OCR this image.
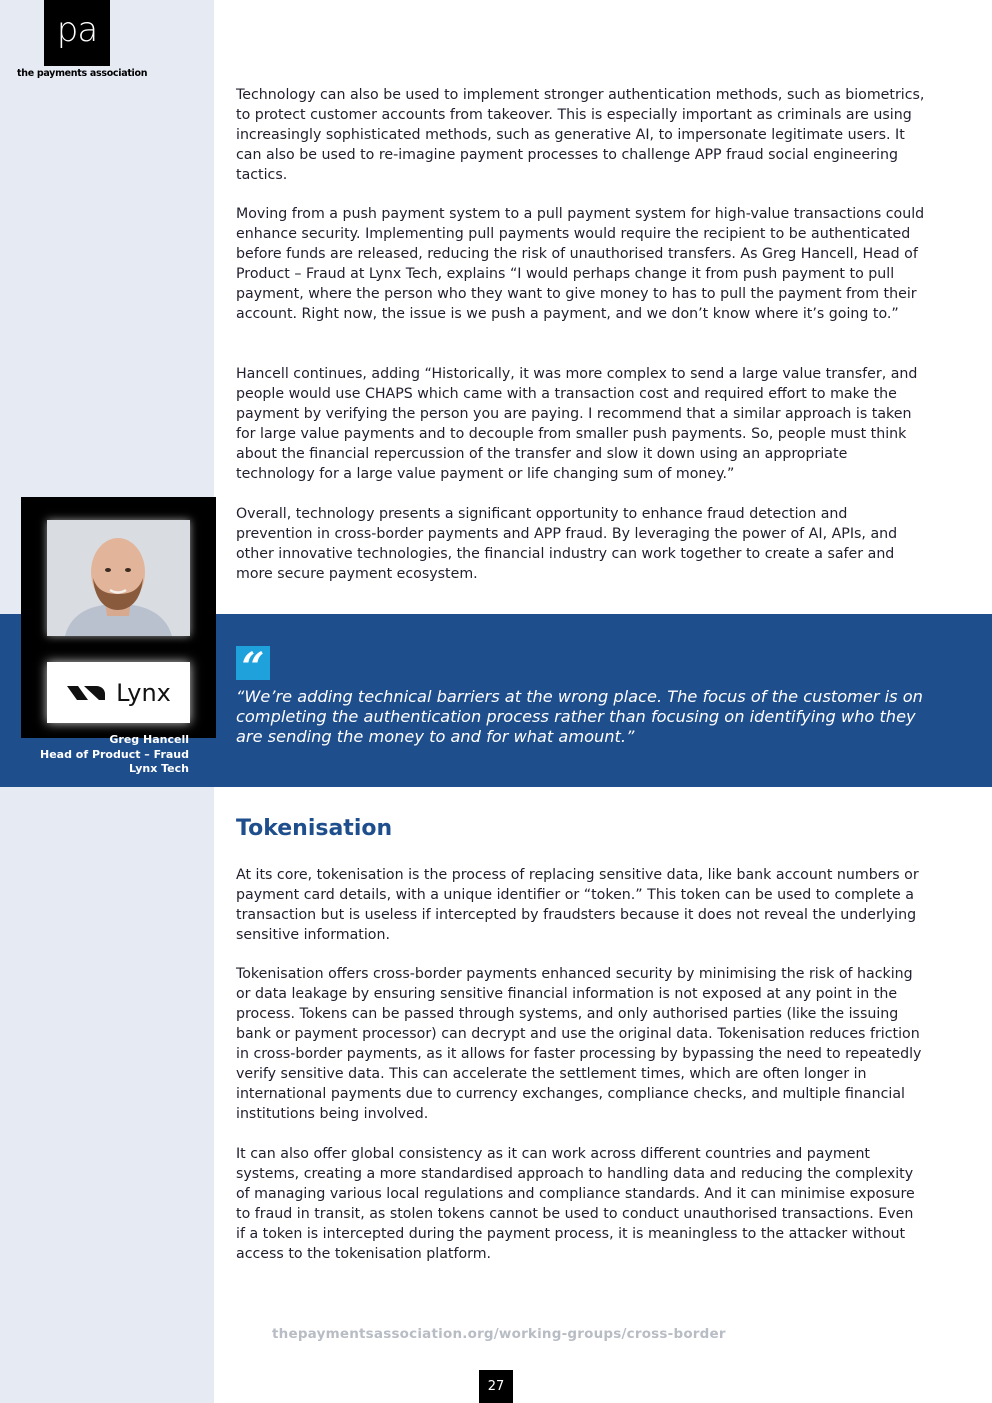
pa
the payments association

Technology can also be used to implement stronger authentication methods, such as biometrics, to protect customer accounts from takeover. This is especially important as criminals are using increasingly sophisticated methods, such as generative AI, to impersonate legitimate users. It can also be used to re-imagine payment processes to challenge APP fraud social engineering tactics.

Moving from a push payment system to a pull payment system for high-value transactions could enhance security. Implementing pull payments would require the recipient to be authenticated before funds are released, reducing the risk of unauthorised transfers. As Greg Hancell, Head of Product – Fraud at Lynx Tech, explains “I would perhaps change it from push payment to pull payment, where the person who they want to give money to has to pull the payment from their account. Right now, the issue is we push a payment, and we don’t know where it’s going to.”

Hancell continues, adding “Historically, it was more complex to send a large value transfer, and people would use CHAPS which came with a transaction cost and required effort to make the payment by verifying the person you are paying. I recommend that a similar approach is taken for large value payments and to decouple from smaller push payments. So, people must think about the financial repercussion of the transfer and slow it down using an appropriate technology for a large value payment or life changing sum of money.”

Overall, technology presents a significant opportunity to enhance fraud detection and prevention in cross-border payments and APP fraud. By leveraging the power of AI, APIs, and other innovative technologies, the financial industry can work together to create a safer and more secure payment ecosystem.

Lynx
Greg Hancell
Head of Product – Fraud
Lynx Tech
“

“We’re adding technical barriers at the wrong place. The focus of the customer is on completing the authentication process rather than focusing on identifying who they are sending the money to and for what amount.”

Tokenisation

At its core, tokenisation is the process of replacing sensitive data, like bank account numbers or payment card details, with a unique identifier or “token.” This token can be used to complete a transaction but is useless if intercepted by fraudsters because it does not reveal the underlying sensitive information.

Tokenisation offers cross-border payments enhanced security by minimising the risk of hacking or data leakage by ensuring sensitive financial information is not exposed at any point in the process. Tokens can be passed through systems, and only authorised parties (like the issuing bank or payment processor) can decrypt and use the original data. Tokenisation reduces friction in cross-border payments, as it allows for faster processing by bypassing the need to repeatedly verify sensitive data. This can accelerate the settlement times, which are often longer in international payments due to currency exchanges, compliance checks, and multiple financial institutions being involved.

It can also offer global consistency as it can work across different countries and payment systems, creating a more standardised approach to handling data and reducing the complexity of managing various local regulations and compliance standards. And it can minimise exposure to fraud in transit, as stolen tokens cannot be used to conduct unauthorised transactions. Even if a token is intercepted during the payment process, it is meaningless to the attacker without access to the tokenisation platform.

thepaymentsassociation.org/working-groups/cross-border
27
